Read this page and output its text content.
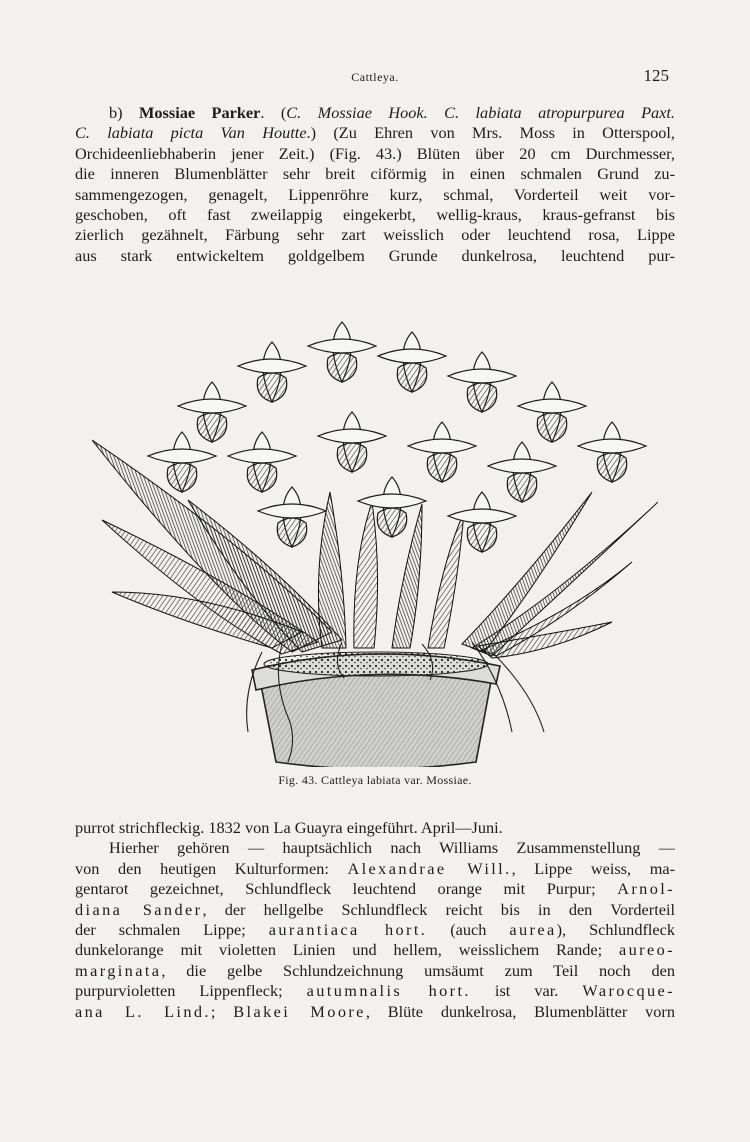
Cattleya.	125
b) Mossiae Parker. (C. Mossiae Hook. C. labiata atropurpurea Paxt.
C. labiata picta Van Houtte.) (Zu Ehren von Mrs. Moss in Otterspool,
Orchideenliebhaberin jener Zeit.) (Fig. 43.) Blüten über 20 cm Durchmesser,
die inneren Blumenblätter sehr breit ciförmig in einen schmalen Grund zu-
sammengezogen, genagelt, Lippenröhre kurz, schmal, Vorderteil weit vor-
geschoben, oft fast zweilappig eingekerbt, wellig-kraus, kraus-gefranst bis
zierlich gezähnelt, Färbung sehr zart weisslich oder leuchtend rosa, Lippe
aus stark entwickeltem goldgelbem Grunde dunkelrosa, leuchtend pur-
Fig. 43. Cattleya labiata var. Mossiae.
purrot strichfleckig. 1832 von La Guayra eingeführt. April—Juni.
Hierher gehören — hauptsächlich nach Williams Zusammenstellung —
von den heutigen Kulturformen: Alexandrae Will., Lippe weiss, ma-
gentarot gezeichnet, Schlundfleck leuchtend orange mit Purpur; Arnol-
diana Sander, der hellgelbe Schlundfleck reicht bis in den Vorderteil
der schmalen Lippe; aurantiaca hort. (auch aurea), Schlundfleck
dunkelorange mit violetten Linien und hellem, weisslichem Rande; aureo-
marginata, die gelbe Schlundzeichnung umsäumt zum Teil noch den
purpurvioletten Lippenfleck; autumnalis hort. ist var. Warocque-
ana L. Lind.; Blakei Moore, Blüte dunkelrosa, Blumenblätter vorn
